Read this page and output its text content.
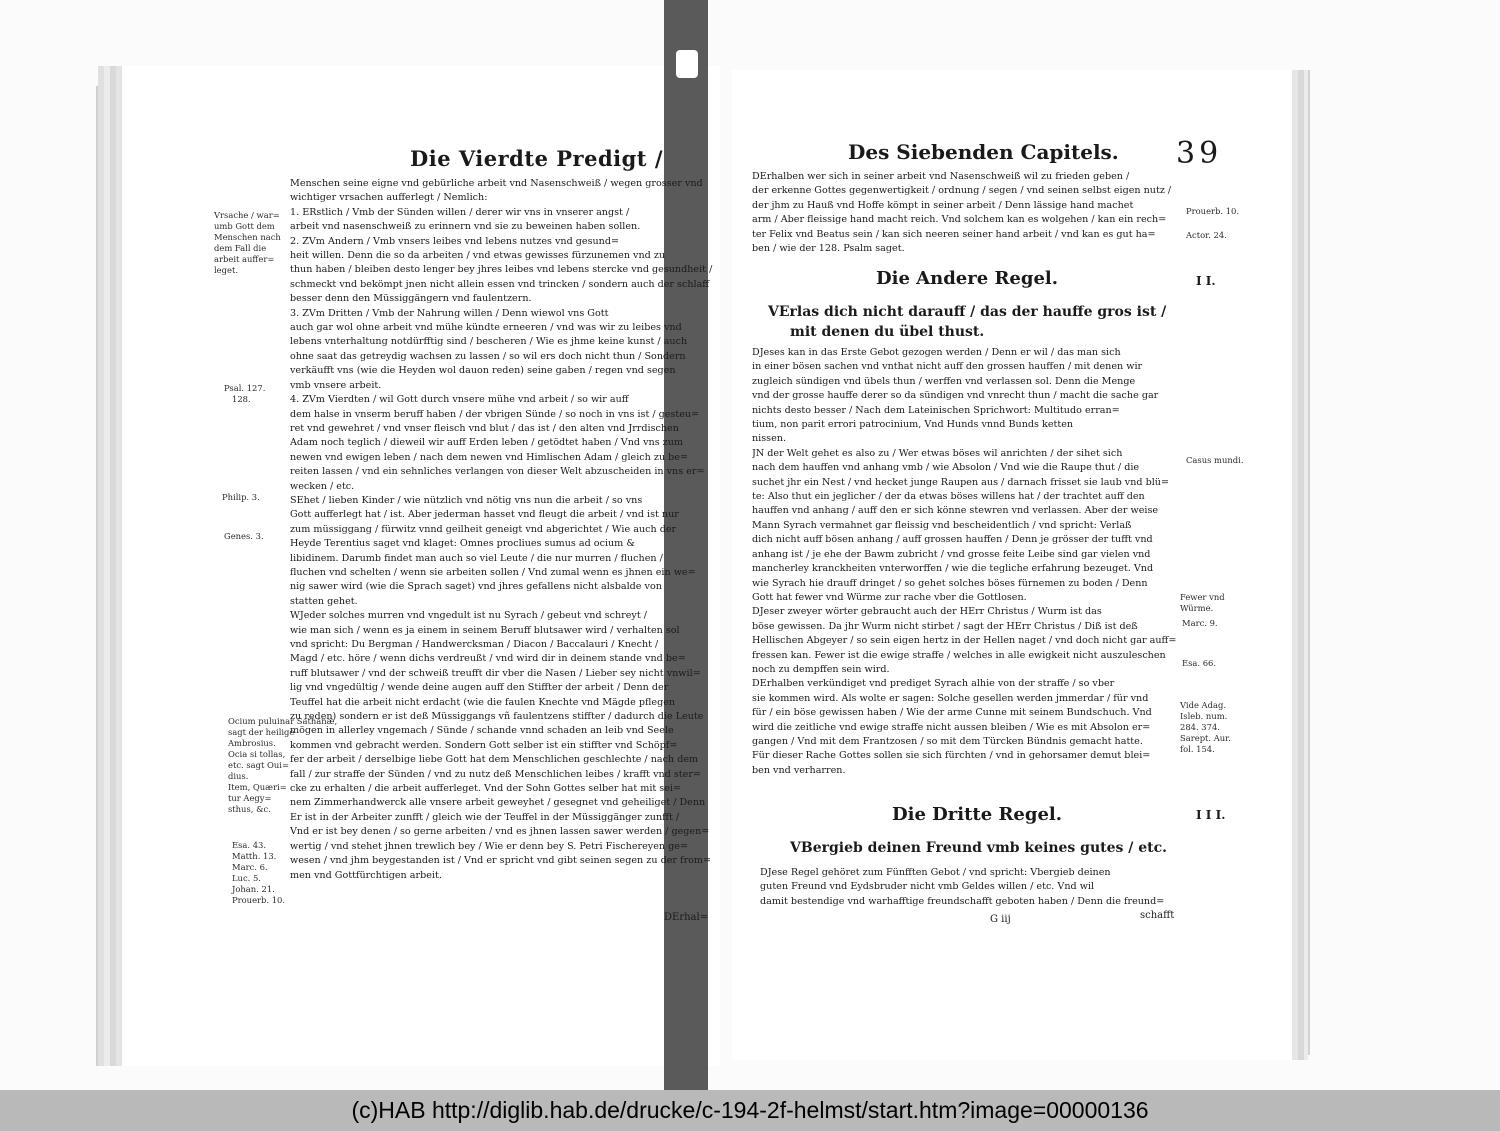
Die Vierdte Predigt /

Menschen seine eigne vnd gebürliche arbeit vnd Nasenschweiß / wegen grosser vnd

wichtiger vrsachen aufferlegt / Nemlich:

1. ERstlich / Vmb der Sünden willen / derer wir vns in vnserer angst /

arbeit vnd nasenschweiß zu erinnern vnd sie zu beweinen haben sollen.

2. ZVm Andern / Vmb vnsers leibes vnd lebens nutzes vnd gesund=

heit willen. Denn die so da arbeiten / vnd etwas gewisses fürzunemen vnd zu

thun haben / bleiben desto lenger bey jhres leibes vnd lebens stercke vnd gesundheit /

schmeckt vnd bekömpt jnen nicht allein essen vnd trincken / sondern auch der schlaff

besser denn den Müssiggängern vnd faulentzern.

3. ZVm Dritten / Vmb der Nahrung willen / Denn wiewol vns Gott

auch gar wol ohne arbeit vnd mühe kündte erneeren / vnd was wir zu leibes vnd

lebens vnterhaltung notdürfftig sind / bescheren / Wie es jhme keine kunst / auch

ohne saat das getreydig wachsen zu lassen / so wil ers doch nicht thun / Sondern

verkäufft vns (wie die Heyden wol dauon reden) seine gaben / regen vnd segen

vmb vnsere arbeit.

4. ZVm Vierdten / wil Gott durch vnsere mühe vnd arbeit / so wir auff

dem halse in vnserm beruff haben / der vbrigen Sünde / so noch in vns ist / gesteu=

ret vnd gewehret / vnd vnser fleisch vnd blut / das ist / den alten vnd Jrrdischen

Adam noch teglich / dieweil wir auff Erden leben / getödtet haben / Vnd vns zum

newen vnd ewigen leben / nach dem newen vnd Himlischen Adam / gleich zu be=

reiten lassen / vnd ein sehnliches verlangen von dieser Welt abzuscheiden in vns er=

wecken / etc.

SEhet / lieben Kinder / wie nützlich vnd nötig vns nun die arbeit / so vns

Gott aufferlegt hat / ist. Aber jederman hasset vnd fleugt die arbeit / vnd ist nur

zum müssiggang / fürwitz vnnd geilheit geneigt vnd abgerichtet / Wie auch der

Heyde Terentius saget vnd klaget: Omnes procliues sumus ad ocium &

libidinem. Darumb findet man auch so viel Leute / die nur murren / fluchen /

fluchen vnd schelten / wenn sie arbeiten sollen / Vnd zumal wenn es jhnen ein we=

nig sawer wird (wie die Sprach saget) vnd jhres gefallens nicht alsbalde von

statten gehet.

WJeder solches murren vnd vngedult ist nu Syrach / gebeut vnd schreyt /

wie man sich / wenn es ja einem in seinem Beruff blutsawer wird / verhalten sol

vnd spricht: Du Bergman / Handwercksman / Diacon / Baccalauri / Knecht /

Magd / etc. höre / wenn dichs verdreußt / vnd wird dir in deinem stande vnd be=

ruff blutsawer / vnd der schweiß treufft dir vber die Nasen / Lieber sey nicht vnwil=

lig vnd vngedültig / wende deine augen auff den Stiffter der arbeit / Denn der

Teuffel hat die arbeit nicht erdacht (wie die faulen Knechte vnd Mägde pflegen

zu reden) sondern er ist deß Müssiggangs vñ faulentzens stiffter / dadurch die Leute

mögen in allerley vngemach / Sünde / schande vnnd schaden an leib vnd Seele

kommen vnd gebracht werden. Sondern Gott selber ist ein stiffter vnd Schöpf=

fer der arbeit / derselbige liebe Gott hat dem Menschlichen geschlechte / nach dem

fall / zur straffe der Sünden / vnd zu nutz deß Menschlichen leibes / krafft vnd ster=

cke zu erhalten / die arbeit aufferleget. Vnd der Sohn Gottes selber hat mit sei=

nem Zimmerhandwerck alle vnsere arbeit geweyhet / gesegnet vnd geheiliget / Denn

Er ist in der Arbeiter zunfft / gleich wie der Teuffel in der Müssiggänger zunfft /

Vnd er ist bey denen / so gerne arbeiten / vnd es jhnen lassen sawer werden / gegen=

wertig / vnd stehet jhnen trewlich bey / Wie er denn bey S. Petri Fischereyen ge=

wesen / vnd jhm beygestanden ist / Vnd er spricht vnd gibt seinen segen zu der from=

men vnd Gottfürchtigen arbeit.

DErhal=
Vrsache / war=
umb Gott dem
Menschen nach
dem Fall die
arbeit auffer=
leget.
Psal. 127.
128.
Philip. 3.
Genes. 3.
Ocium puluinar Sathanæ,
sagt der heilige
Ambrosius.
Ocia si tollas,
etc. sagt Oui=
dius.
Item, Quæri=
tur Aegy=
sthus, &c.
Esa. 43.
Matth. 13.
Marc. 6.
Luc. 5.
Johan. 21.
Prouerb. 10.
Des Siebenden Capitels. 39

DErhalben wer sich in seiner arbeit vnd Nasenschweiß wil zu frieden geben /

der erkenne Gottes gegenwertigkeit / ordnung / segen / vnd seinen selbst eigen nutz /

der jhm zu Hauß vnd Hoffe kömpt in seiner arbeit / Denn lässige hand machet

arm / Aber fleissige hand macht reich. Vnd solchem kan es wolgehen / kan ein rech=

ter Felix vnd Beatus sein / kan sich neeren seiner hand arbeit / vnd kan es gut ha=

ben / wie der 128. Psalm saget.

Die Andere Regel.	I I.
VErlas dich nicht darauff / das der hauffe gros ist /
mit denen du übel thust.

DJeses kan in das Erste Gebot gezogen werden / Denn er wil / das man sich

in einer bösen sachen vnd vnthat nicht auff den grossen hauffen / mit denen wir

zugleich sündigen vnd übels thun / werffen vnd verlassen sol. Denn die Menge

vnd der grosse hauffe derer so da sündigen vnd vnrecht thun / macht die sache gar

nichts desto besser / Nach dem Lateinischen Sprichwort: Multitudo erran=

tium, non parit errori patrocinium, Vnd Hunds vnnd Bunds ketten

nissen.

JN der Welt gehet es also zu / Wer etwas böses wil anrichten / der sihet sich

nach dem hauffen vnd anhang vmb / wie Absolon / Vnd wie die Raupe thut / die

suchet jhr ein Nest / vnd hecket junge Raupen aus / darnach frisset sie laub vnd blü=

te: Also thut ein jeglicher / der da etwas böses willens hat / der trachtet auff den

hauffen vnd anhang / auff den er sich könne stewren vnd verlassen. Aber der weise

Mann Syrach vermahnet gar fleissig vnd bescheidentlich / vnd spricht: Verlaß

dich nicht auff bösen anhang / auff grossen hauffen / Denn je grösser der tufft vnd

anhang ist / je ehe der Bawm zubricht / vnd grosse feite Leibe sind gar vielen vnd

mancherley kranckheiten vnterworffen / wie die tegliche erfahrung bezeuget. Vnd

wie Syrach hie drauff dringet / so gehet solches böses fürnemen zu boden / Denn

Gott hat fewer vnd Würme zur rache vber die Gottlosen.

DJeser zweyer wörter gebraucht auch der HErr Christus / Wurm ist das

böse gewissen. Da jhr Wurm nicht stirbet / sagt der HErr Christus / Diß ist deß

Hellischen Abgeyer / so sein eigen hertz in der Hellen naget / vnd doch nicht gar auff=

fressen kan. Fewer ist die ewige straffe / welches in alle ewigkeit nicht auszuleschen

noch zu dempffen sein wird.

DErhalben verkündiget vnd prediget Syrach alhie von der straffe / so vber

sie kommen wird. Als wolte er sagen: Solche gesellen werden jmmerdar / für vnd

für / ein böse gewissen haben / Wie der arme Cunne mit seinem Bundschuch. Vnd

wird die zeitliche vnd ewige straffe nicht aussen bleiben / Wie es mit Absolon er=

gangen / Vnd mit dem Frantzosen / so mit dem Türcken Bündnis gemacht hatte.

Für dieser Rache Gottes sollen sie sich fürchten / vnd in gehorsamer demut blei=

ben vnd verharren.

Die Dritte Regel.	I I I.
VBergieb deinen Freund vmb keines gutes / etc.

DJese Regel gehöret zum Fünfften Gebot / vnd spricht: Vbergieb deinen

guten Freund vnd Eydsbruder nicht vmb Geldes willen / etc. Vnd wil

damit bestendige vnd warhafftige freundschafft geboten haben / Denn die freund=

G iij	schafft
Prouerb. 10.
Actor. 24.
Casus mundi.
Fewer vnd
Würme.
Marc. 9.
Esa. 66.
Vide Adag.
Isleb. num.
284. 374.
Sarept. Aur.
fol. 154.
(c)HAB http://diglib.hab.de/drucke/c-194-2f-helmst/start.htm?image=00000136
